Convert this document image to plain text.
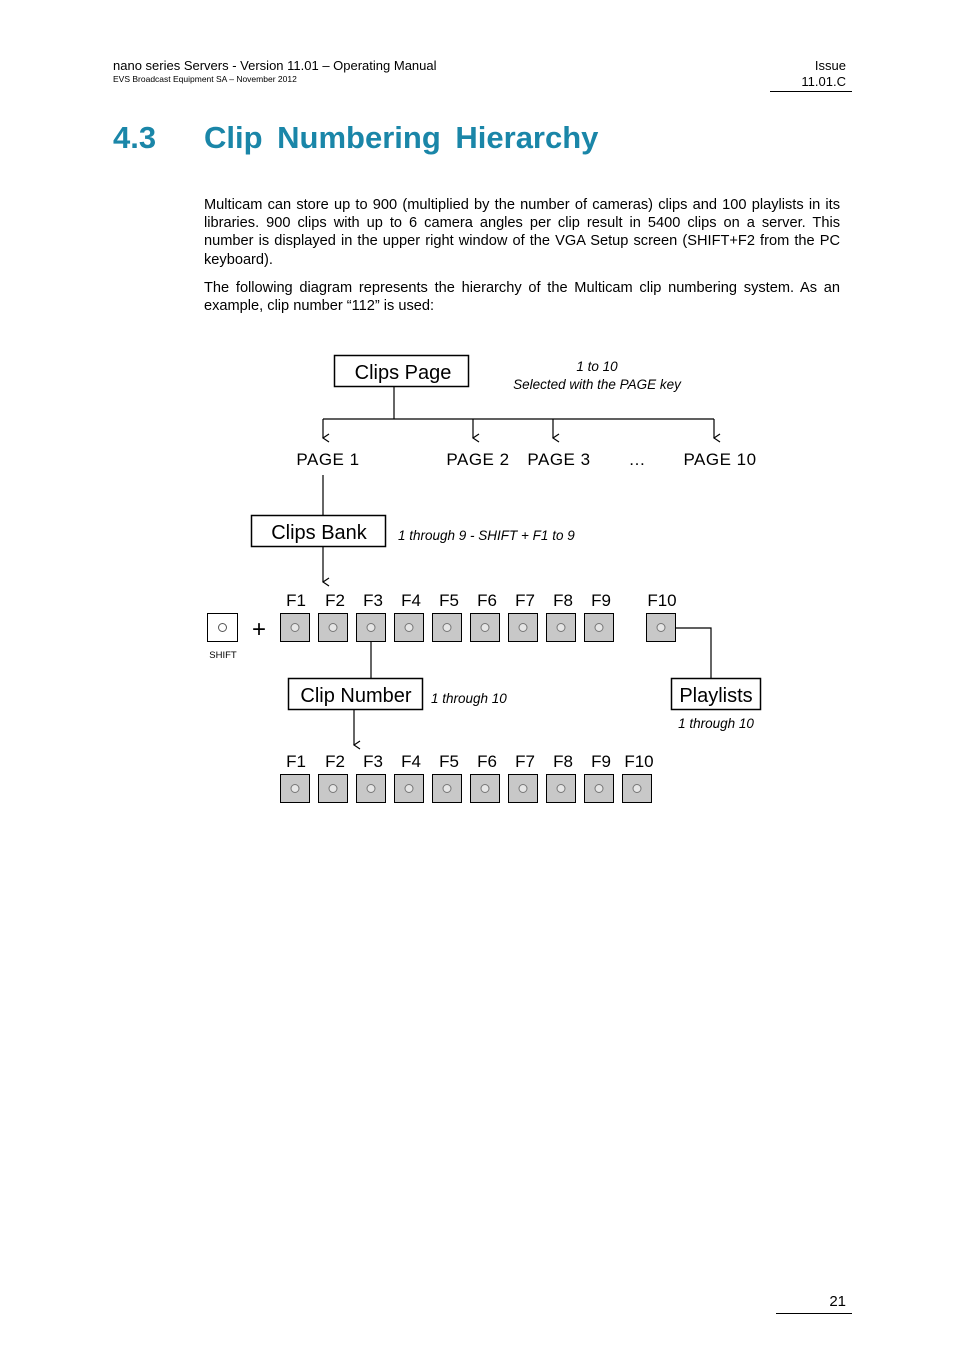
nano series Servers - Version 11.01 – Operating Manual
EVS Broadcast Equipment SA – November 2012
Issue
11.01.C
4.3 Clip Numbering Hierarchy
Multicam can store up to 900 (multiplied by the number of cameras) clips and 100 playlists in its libraries. 900 clips with up to 6 camera angles per clip result in 5400 clips on a server. This number is displayed in the upper right window of the VGA Setup screen (SHIFT+F2 from the PC keyboard).
The following diagram represents the hierarchy of the Multicam clip numbering system. As an example, clip number “112” is used:
Clips Page	1 to 10
Selected with the PAGE key
PAGE 1	PAGE 2 PAGE 3 … PAGE 10
Clips Bank 1 through 9 - SHIFT + F1 to 9
F1 F2 F3 F4 F5 F6 F7 F8 F9 F10
SHIFT
+
Clip Number 1 through 10	Playlists
1 through 10
F1 F2 F3 F4 F5 F6 F7 F8 F9 F10
21
